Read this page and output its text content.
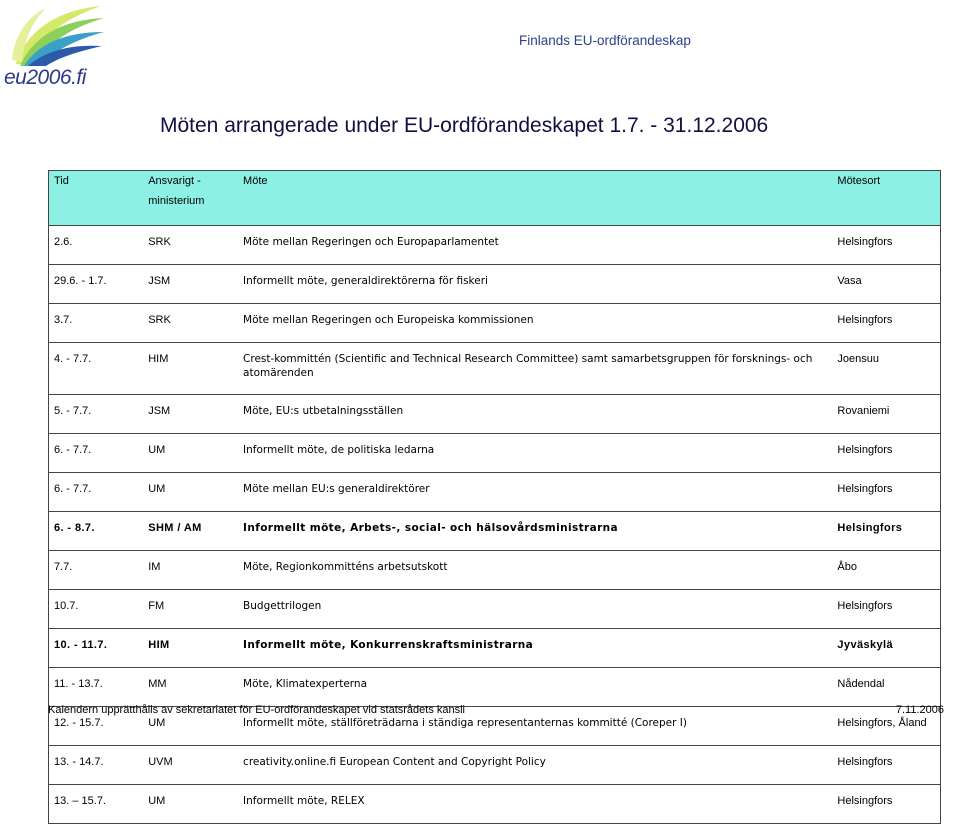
eu2006.fi
Finlands EU-ordförandeskap
Möten arrangerade under EU-ordförandeskapet 1.7. - 31.12.2006
Tid	Ansvarigt - ministerium	Möte	Mötesort
2.6.	SRK	Möte mellan Regeringen och Europaparlamentet	Helsingfors
29.6. - 1.7.	JSM	Informellt möte, generaldirektörerna för fiskeri	Vasa
3.7.	SRK	Möte mellan Regeringen och Europeiska kommissionen	Helsingfors
4. - 7.7.	HIM	Crest-kommittén (Scientific and Technical Research Committee) samt samarbetsgruppen för forsknings- och atomärenden	Joensuu
5. - 7.7.	JSM	Möte, EU:s utbetalningsställen	Rovaniemi
6. - 7.7.	UM	Informellt möte, de politiska ledarna	Helsingfors
6. - 7.7.	UM	Möte mellan EU:s generaldirektörer	Helsingfors
6. - 8.7.	SHM / AM	Informellt möte, Arbets-, social- och hälsovårdsministrarna	Helsingfors
7.7.	IM	Möte, Regionkommitténs arbetsutskott	Åbo
10.7.	FM	Budgettrilogen	Helsingfors
10. - 11.7.	HIM	Informellt möte, Konkurrenskraftsministrarna	Jyväskylä
11. - 13.7.	MM	Möte, Klimatexperterna	Nådendal
12. - 15.7.	UM	Informellt möte, ställföreträdarna i ständiga representanternas kommitté (Coreper I)	Helsingfors, Åland
13. - 14.7.	UVM	creativity.online.fi European Content and Copyright Policy	Helsingfors
13. – 15.7.	UM	Informellt möte, RELEX	Helsingfors
Kalendern upprätthålls av sekretariatet för EU-ordförandeskapet vid statsrådets kansli	7.11.2006
